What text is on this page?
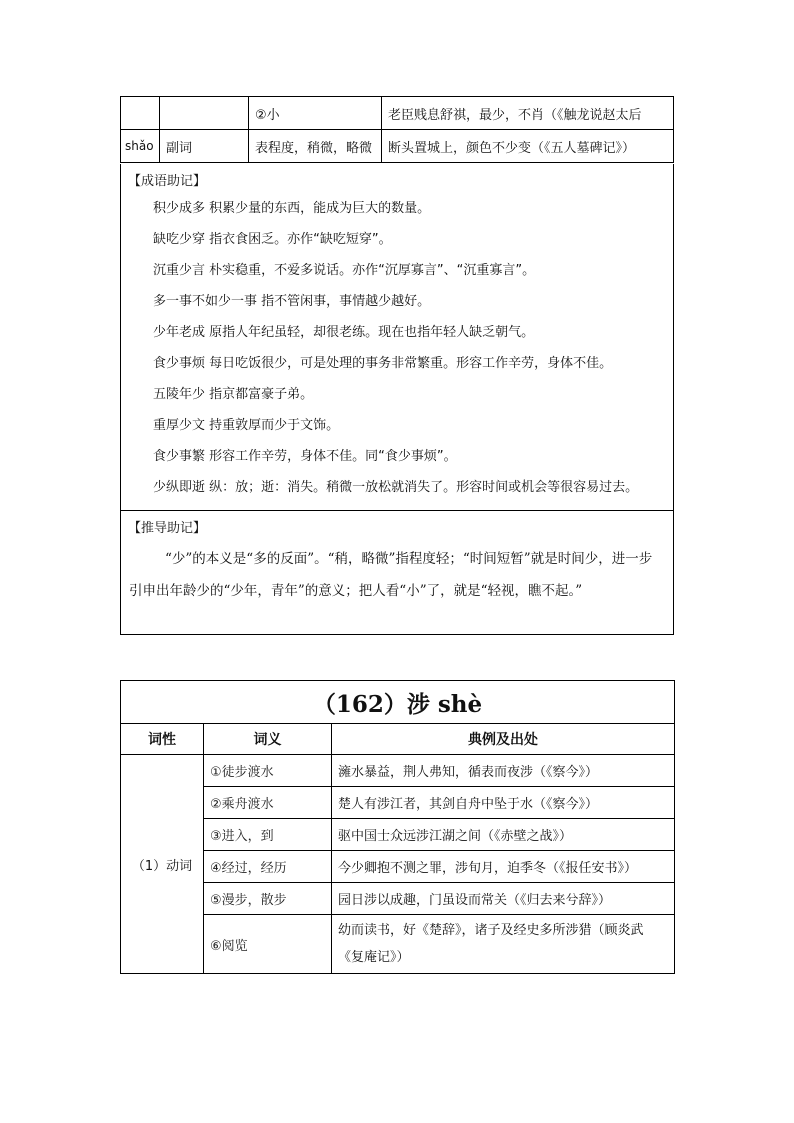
		②小	老臣贱息舒祺，最少，不肖（《触龙说赵太后
shǎo	副词	表程度，稍微，略微	断头置城上，颜色不少变（《五人墓碑记》）
【成语助记】
积少成多 积累少量的东西，能成为巨大的数量。
缺吃少穿 指衣食困乏。亦作“缺吃短穿”。
沉重少言 朴实稳重，不爱多说话。亦作“沉厚寡言”、“沉重寡言”。
多一事不如少一事 指不管闲事，事情越少越好。
少年老成 原指人年纪虽轻，却很老练。现在也指年轻人缺乏朝气。
食少事烦 每日吃饭很少，可是处理的事务非常繁重。形容工作辛劳，身体不佳。
五陵年少 指京都富豪子弟。
重厚少文 持重敦厚而少于文饰。
食少事繁 形容工作辛劳，身体不佳。同“食少事烦”。
少纵即逝 纵：放；逝：消失。稍微一放松就消失了。形容时间或机会等很容易过去。
【推导助记】
“少”的本义是“多的反面”。“稍，略微”指程度轻；“时间短暂”就是时间少，进一步引申出年龄少的“少年，青年”的意义；把人看“小”了，就是“轻视，瞧不起。”
（162）涉 shè		
词性	词义	典例及出处
（1）动词	①徒步渡水	澭水暴益，荆人弗知，循表而夜涉（《察今》）
	②乘舟渡水	楚人有涉江者，其剑自舟中坠于水（《察今》）
	③进入，到	驱中国士众远涉江湖之间（《赤壁之战》）
	④经过，经历	今少卿抱不测之罪，涉旬月，迫季冬（《报任安书》）
	⑤漫步，散步	园日涉以成趣，门虽设而常关（《归去来兮辞》）
	⑥阅览	幼而读书，好《楚辞》，诸子及经史多所涉猎（顾炎武《复庵记》）
